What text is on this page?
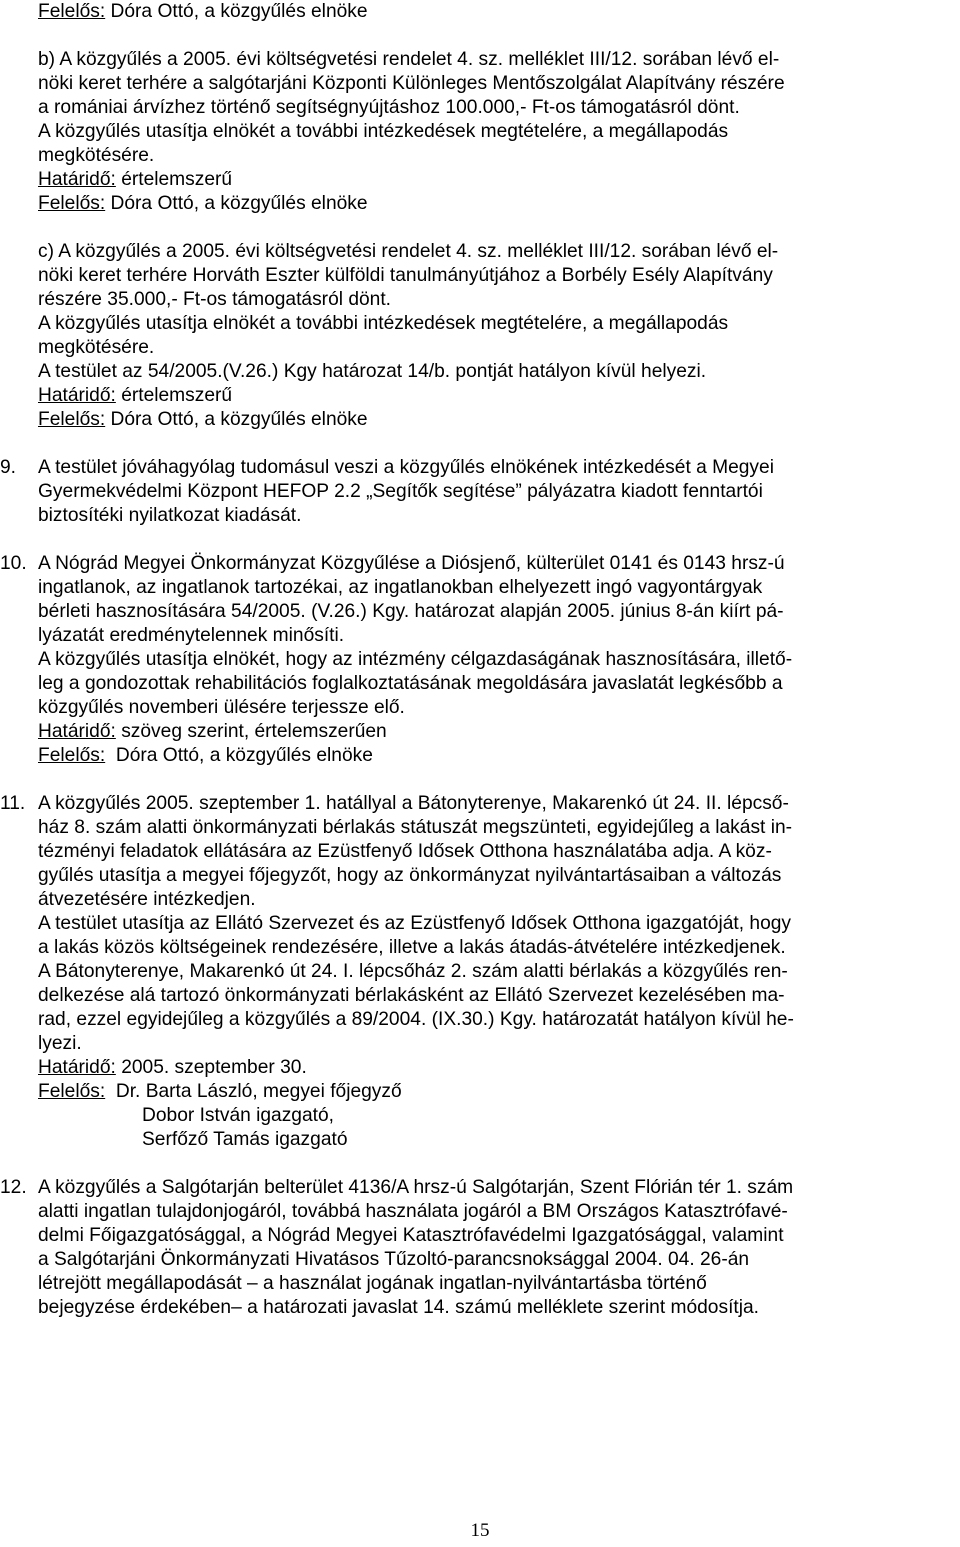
Felelős: Dóra Ottó, a közgyűlés elnöke

b) A közgyűlés a 2005. évi költségvetési rendelet 4. sz. melléklet III/12. sorában lévő el-

nöki keret terhére a salgótarjáni Központi Különleges Mentőszolgálat Alapítvány részére

a romániai árvízhez történő segítségnyújtáshoz 100.000,- Ft-os támogatásról dönt.

A közgyűlés utasítja elnökét a további intézkedések megtételére, a megállapodás

megkötésére.

Határidő: értelemszerű

Felelős: Dóra Ottó, a közgyűlés elnöke

c) A közgyűlés a 2005. évi költségvetési rendelet 4. sz. melléklet III/12. sorában lévő el-

nöki keret terhére Horváth Eszter külföldi tanulmányútjához a Borbély Esély Alapítvány

részére 35.000,- Ft-os támogatásról dönt.

A közgyűlés utasítja elnökét a további intézkedések megtételére, a megállapodás

megkötésére.

A testület az 54/2005.(V.26.) Kgy határozat 14/b. pontját hatályon kívül helyezi.

Határidő: értelemszerű

Felelős: Dóra Ottó, a közgyűlés elnöke

9.	A testület jóváhagyólag tudomásul veszi a közgyűlés elnökének intézkedését a Megyei

Gyermekvédelmi Központ HEFOP 2.2 „Segítők segítése” pályázatra kiadott fenntartói

biztosítéki nyilatkozat kiadását.

10. A Nógrád Megyei Önkormányzat Közgyűlése a Diósjenő, külterület 0141 és 0143 hrsz-ú

ingatlanok, az ingatlanok tartozékai, az ingatlanokban elhelyezett ingó vagyontárgyak

bérleti hasznosítására 54/2005. (V.26.) Kgy. határozat alapján 2005. június 8-án kiírt pá-

lyázatát eredménytelennek minősíti.

A közgyűlés utasítja elnökét, hogy az intézmény célgazdaságának hasznosítására, illető-

leg a gondozottak rehabilitációs foglalkoztatásának megoldására javaslatát legkésőbb a

közgyűlés novemberi ülésére terjessze elő.

Határidő: szöveg szerint, értelemszerűen

Felelős:  Dóra Ottó, a közgyűlés elnöke

11. A közgyűlés 2005. szeptember 1. hatállyal a Bátonyterenye, Makarenkó út 24. II. lépcső-

ház 8. szám alatti önkormányzati bérlakás státuszát megszünteti, egyidejűleg a lakást in-

tézményi feladatok ellátására az Ezüstfenyő Idősek Otthona használatába adja. A köz-

gyűlés utasítja a megyei főjegyzőt, hogy az önkormányzat nyilvántartásaiban a változás

átvezetésére intézkedjen.

A testület utasítja az Ellátó Szervezet és az Ezüstfenyő Idősek Otthona igazgatóját, hogy

a lakás közös költségeinek rendezésére, illetve a lakás átadás-átvételére intézkedjenek.

A Bátonyterenye, Makarenkó út 24. I. lépcsőház 2. szám alatti bérlakás a közgyűlés ren-

delkezése alá tartozó önkormányzati bérlakásként az Ellátó Szervezet kezelésében ma-

rad, ezzel egyidejűleg a közgyűlés a 89/2004. (IX.30.) Kgy. határozatát hatályon kívül he-

lyezi.

Határidő: 2005. szeptember 30.

Felelős:  Dr. Barta László, megyei főjegyző

Dobor István igazgató,

Serfőző Tamás igazgató

12. A közgyűlés a Salgótarján belterület 4136/A hrsz-ú Salgótarján, Szent Flórián tér 1. szám

alatti ingatlan tulajdonjogáról, továbbá használata jogáról a BM Országos Katasztrófavé-

delmi Főigazgatósággal, a Nógrád Megyei Katasztrófavédelmi Igazgatósággal, valamint

a Salgótarjáni Önkormányzati Hivatásos Tűzoltó-parancsnoksággal 2004. 04. 26-án

létrejött megállapodását – a használat jogának ingatlan-nyilvántartásba történő

bejegyzése érdekében– a határozati javaslat 14. számú melléklete szerint módosítja.

15
